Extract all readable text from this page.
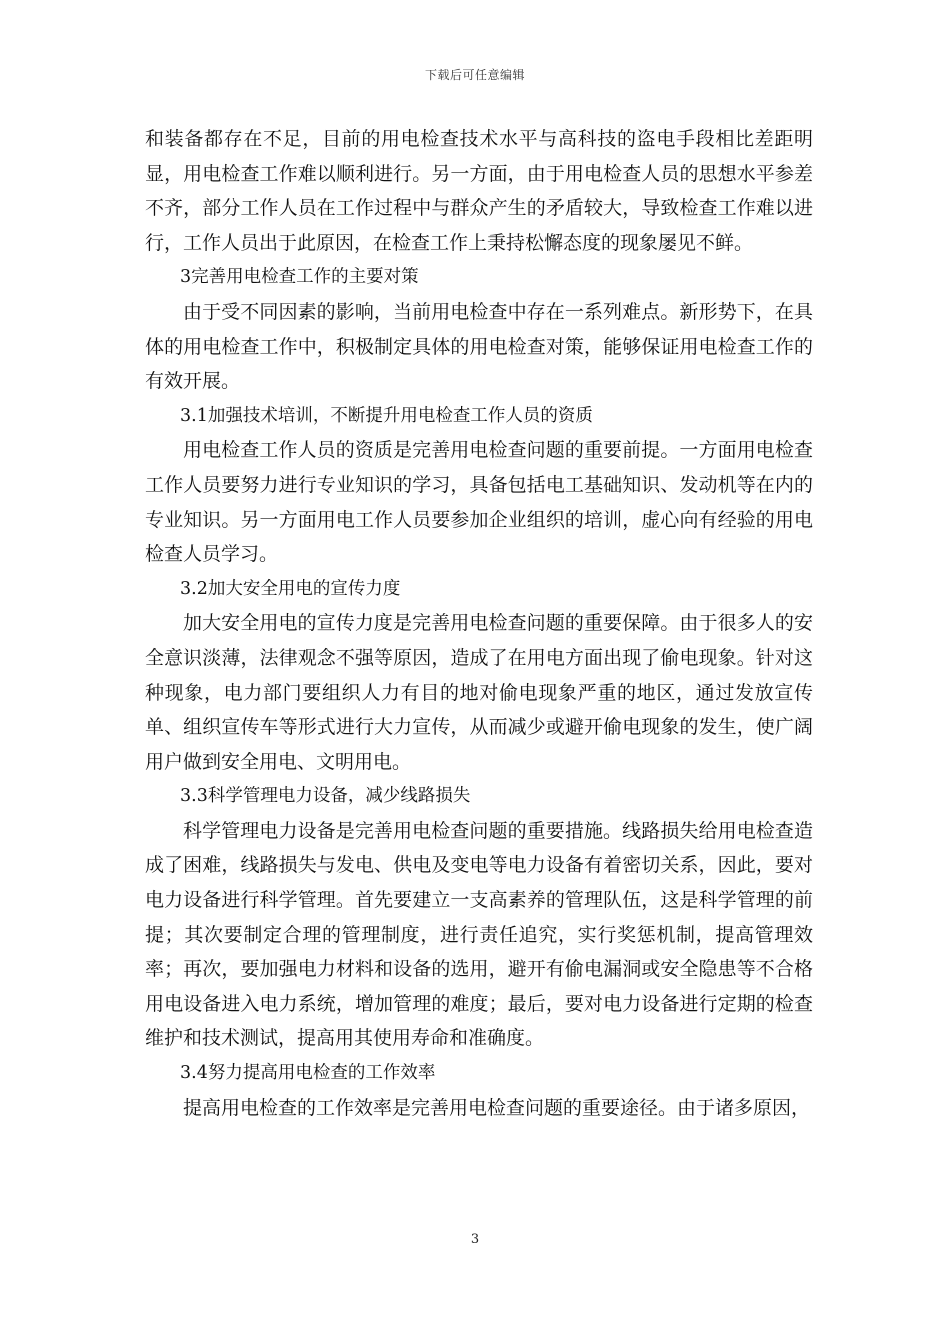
下载后可任意编辑

和装备都存在不足，目前的用电检查技术水平与高科技的盗电手段相比差距明显，用电检查工作难以顺利进行。另一方面，由于用电检查人员的思想水平参差不齐，部分工作人员在工作过程中与群众产生的矛盾较大，导致检查工作难以进行，工作人员出于此原因，在检查工作上秉持松懈态度的现象屡见不鲜。

3完善用电检查工作的主要对策

由于受不同因素的影响，当前用电检查中存在一系列难点。新形势下，在具体的用电检查工作中，积极制定具体的用电检查对策，能够保证用电检查工作的有效开展。

3.1加强技术培训，不断提升用电检查工作人员的资质

用电检查工作人员的资质是完善用电检查问题的重要前提。一方面用电检查工作人员要努力进行专业知识的学习，具备包括电工基础知识、发动机等在内的专业知识。另一方面用电工作人员要参加企业组织的培训，虚心向有经验的用电检查人员学习。

3.2加大安全用电的宣传力度

加大安全用电的宣传力度是完善用电检查问题的重要保障。由于很多人的安全意识淡薄，法律观念不强等原因，造成了在用电方面出现了偷电现象。针对这种现象，电力部门要组织人力有目的地对偷电现象严重的地区，通过发放宣传单、组织宣传车等形式进行大力宣传，从而减少或避开偷电现象的发生，使广阔用户做到安全用电、文明用电。

3.3科学管理电力设备，减少线路损失

科学管理电力设备是完善用电检查问题的重要措施。线路损失给用电检查造成了困难，线路损失与发电、供电及变电等电力设备有着密切关系，因此，要对电力设备进行科学管理。首先要建立一支高素养的管理队伍，这是科学管理的前提；其次要制定合理的管理制度，进行责任追究，实行奖惩机制，提高管理效率；再次，要加强电力材料和设备的选用，避开有偷电漏洞或安全隐患等不合格用电设备进入电力系统，增加管理的难度；最后，要对电力设备进行定期的检查维护和技术测试，提高用其使用寿命和准确度。

3.4努力提高用电检查的工作效率

提高用电检查的工作效率是完善用电检查问题的重要途径。由于诸多原因，

3
